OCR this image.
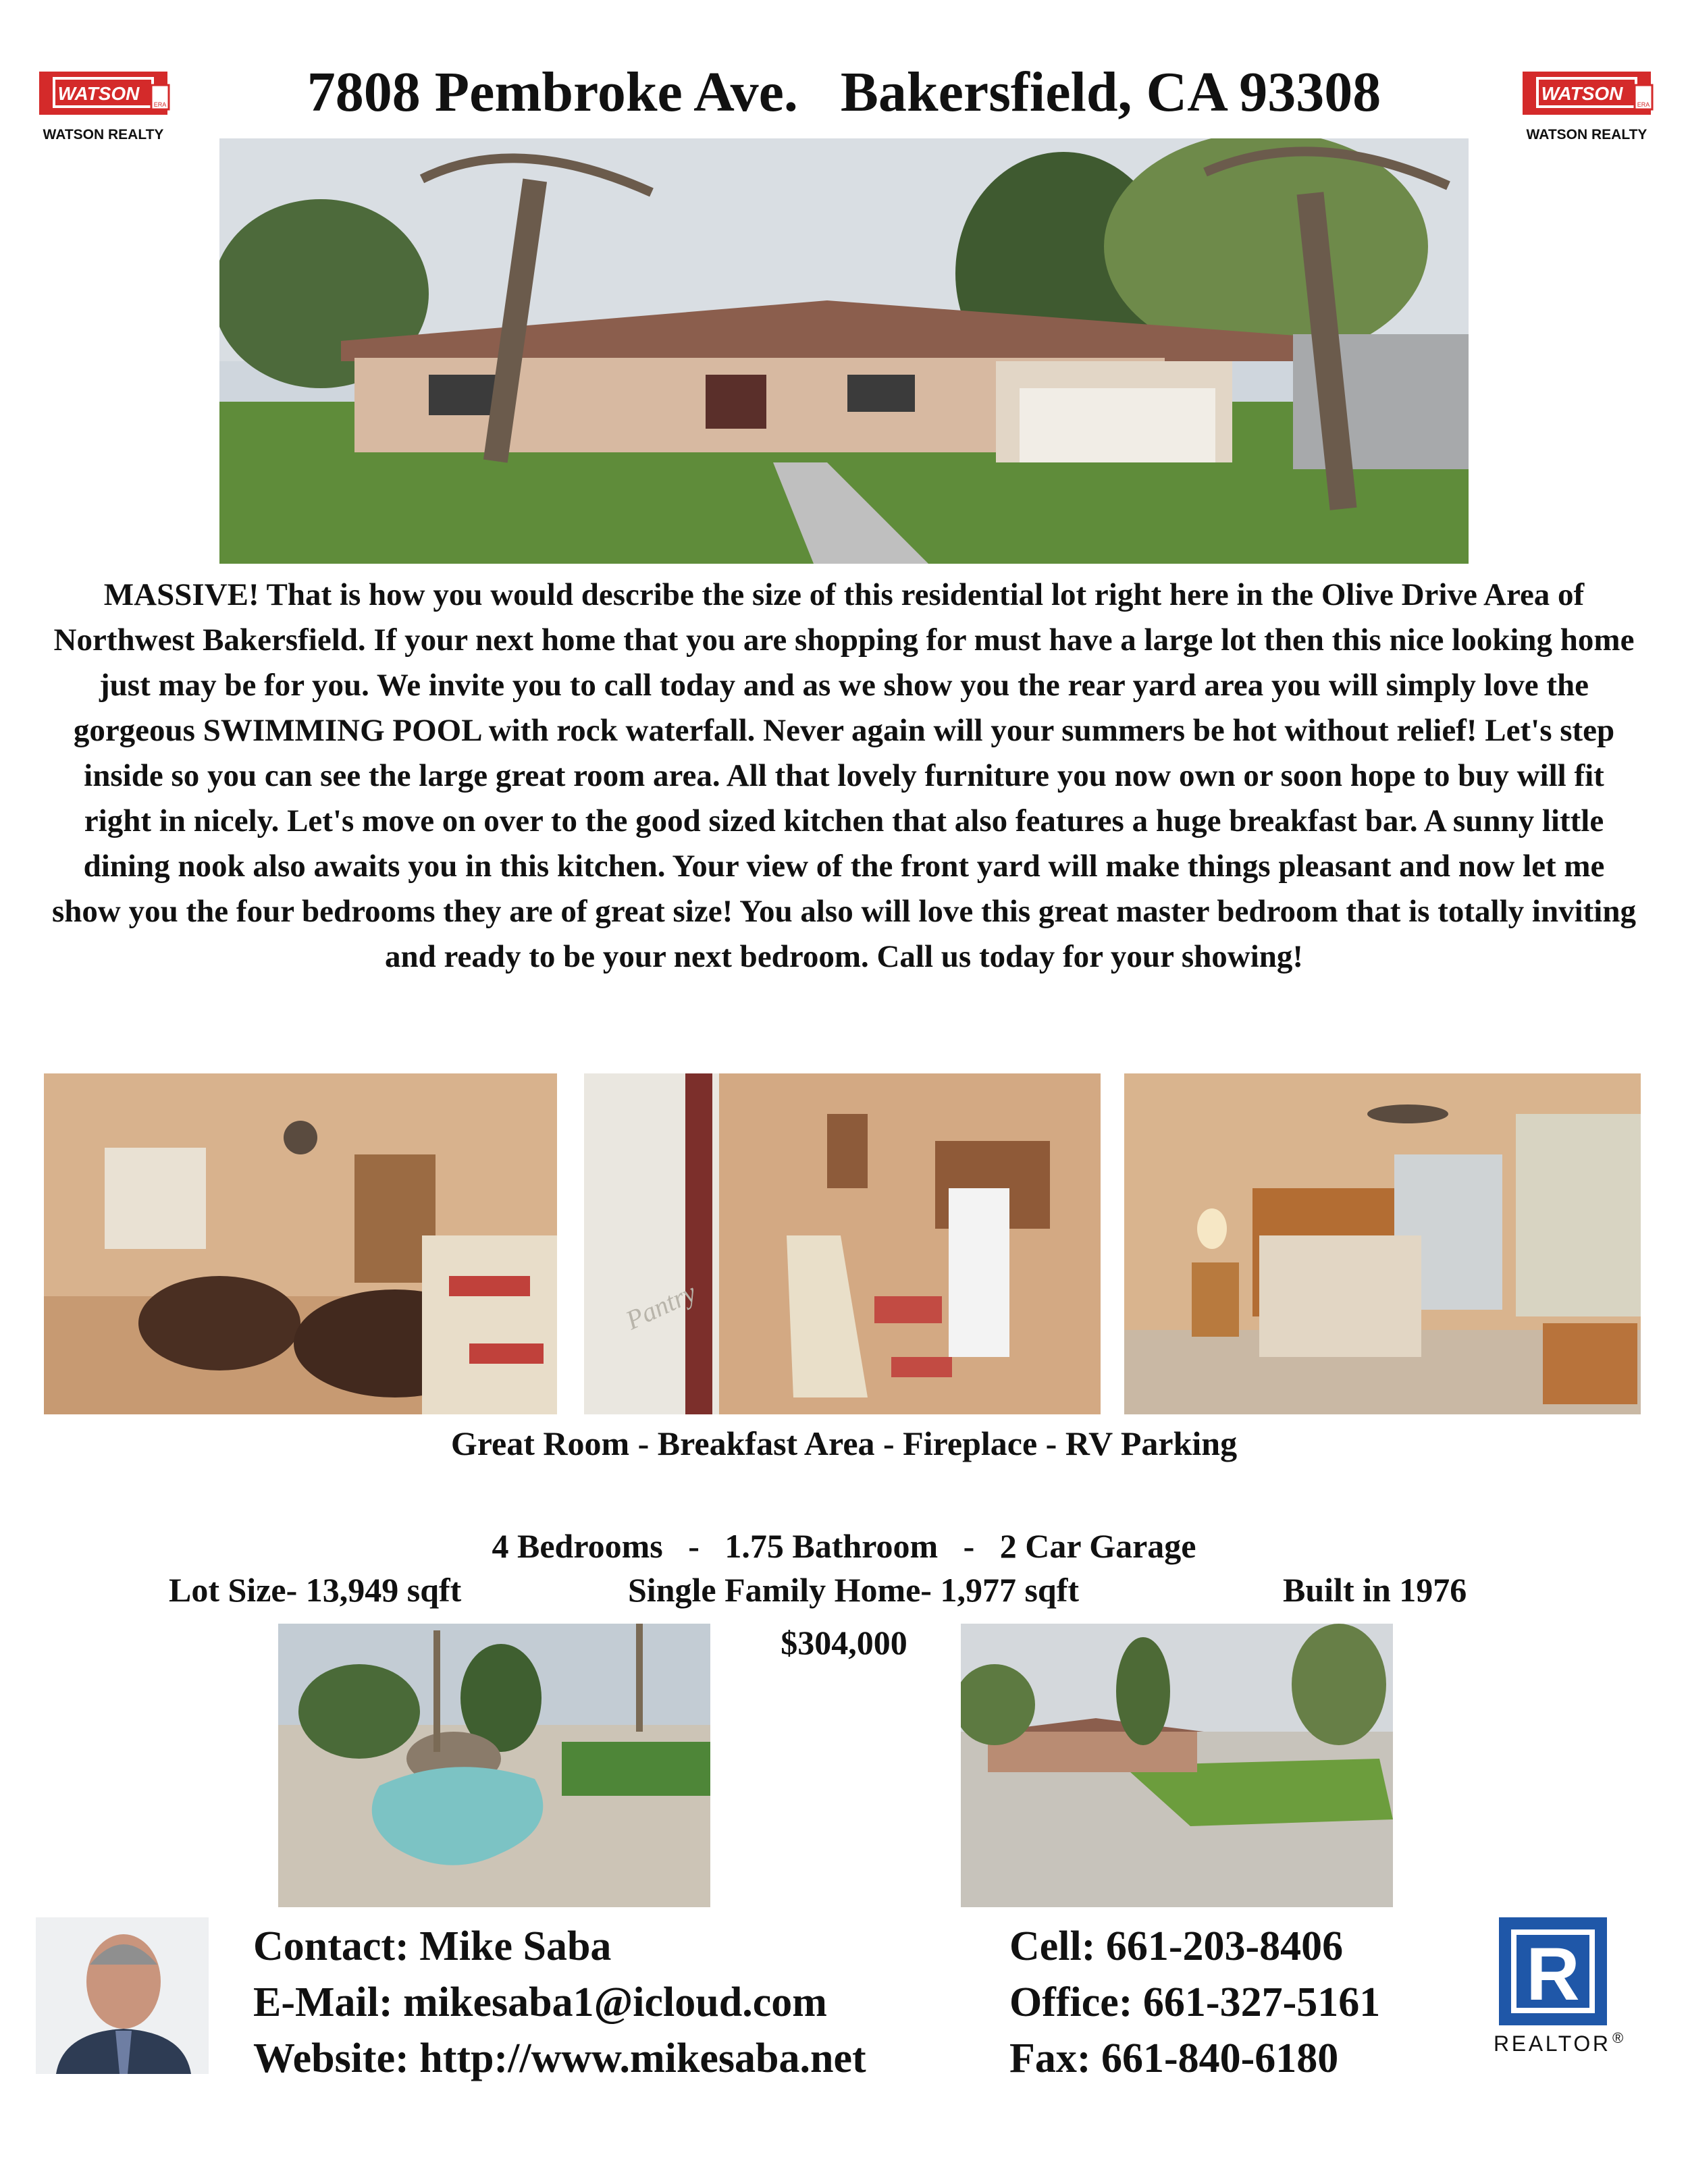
WATSON
ERA
WATSON REALTY
WATSON
ERA
WATSON REALTY
7808 Pembroke Ave.   Bakersfield, CA 93308
MASSIVE! That is how you would describe the size of this residential lot right here in the Olive Drive Area of Northwest Bakersfield. If your next home that you are shopping for must have a large lot then this nice looking home just may be for you. We invite you to call today and as we show you the rear yard area you will simply love the gorgeous SWIMMING POOL with rock waterfall. Never again will your summers be hot without relief! Let's step inside so you can see the large great room area. All that lovely furniture you now own or soon hope to buy will fit right in nicely. Let's move on over to the good sized kitchen that also features a huge breakfast bar. A sunny little dining nook also awaits you in this kitchen. Your view of the front yard will make things pleasant and now let me show you the four bedrooms they are of great size! You also will love this great master bedroom that is totally inviting and ready to be your next bedroom. Call us today for your showing!
Pantry
Great Room - Breakfast Area - Fireplace - RV Parking
4 Bedrooms   -   1.75 Bathroom   -   2 Car Garage
Lot Size- 13,949 sqft	Single Family Home- 1,977 sqft	Built in 1976
$304,000
Contact: Mike Saba
E-Mail: mikesaba1@icloud.com
Website: http://www.mikesaba.net
Cell: 661-203-8406
Office: 661-327-5161
Fax: 661-840-6180
R
REALTOR ®
